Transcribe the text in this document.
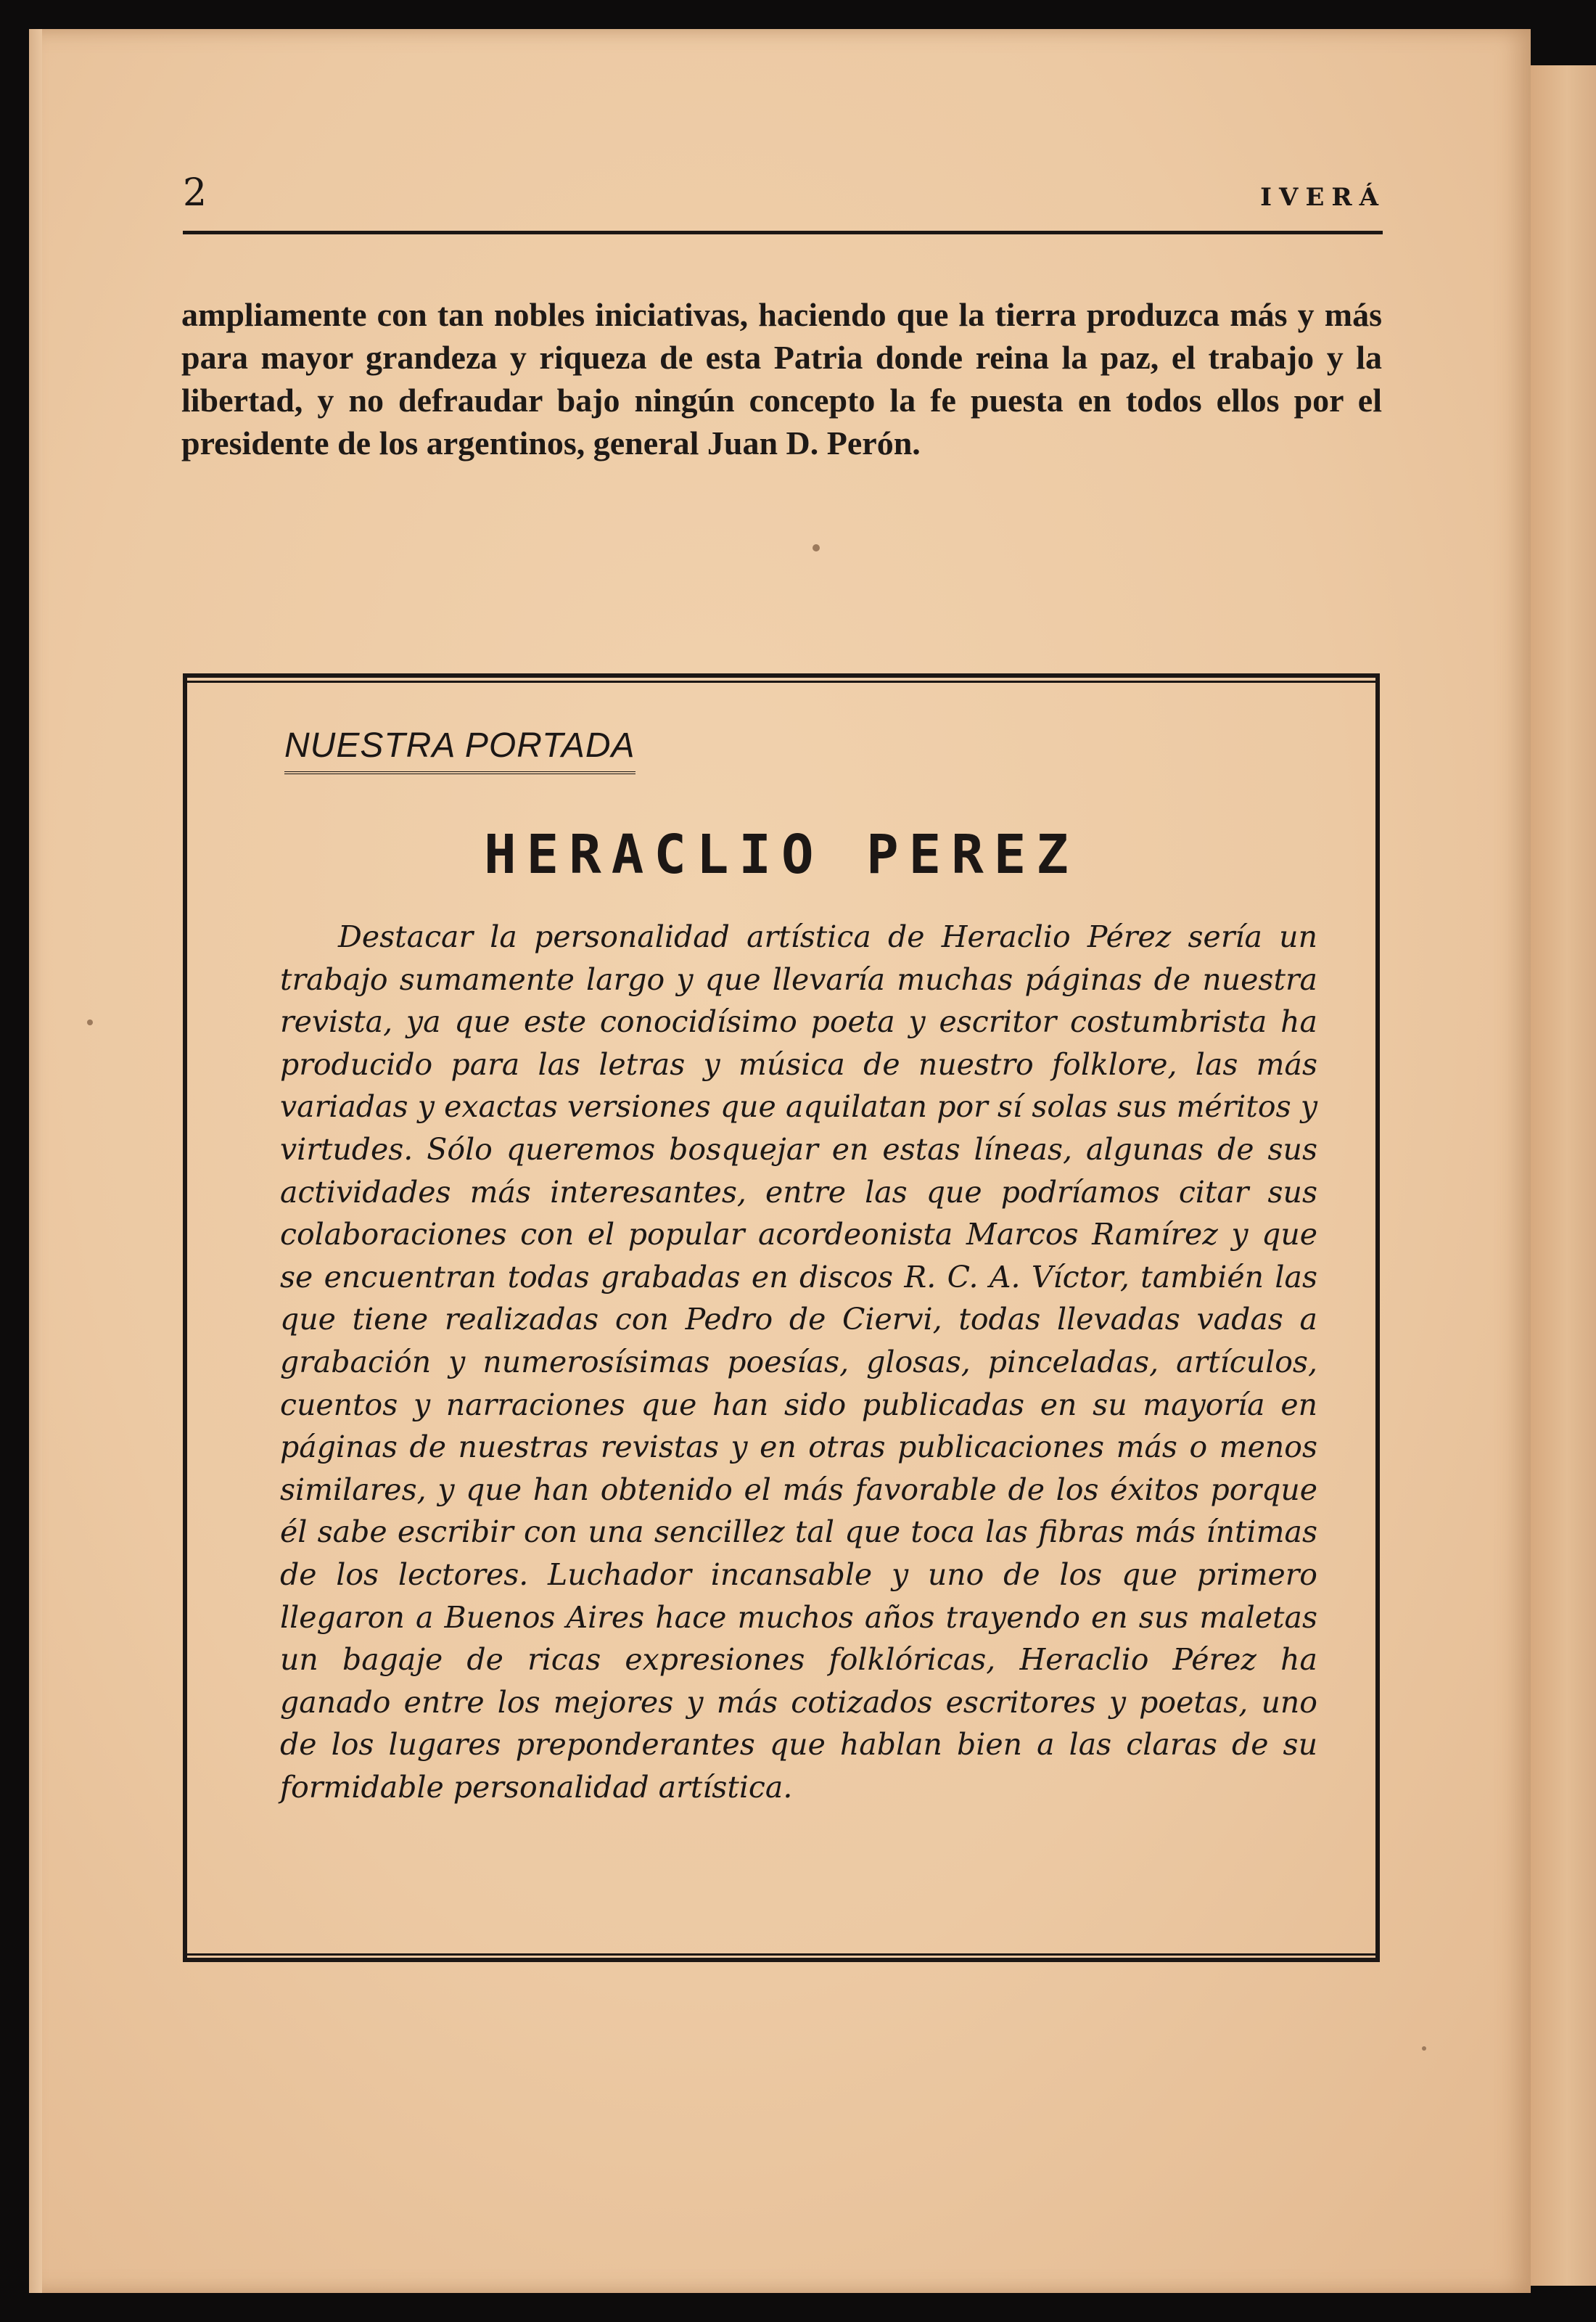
2	IVERÁ

ampliamente con tan nobles iniciativas, haciendo que la tierra produzca más y más para mayor grandeza y riqueza de esta Patria donde reina la paz, el trabajo y la libertad, y no defraudar bajo ningún concepto la fe puesta en todos ellos por el presidente de los argentinos, general Juan D. Perón.

NUESTRA PORTADA
HERACLIO PEREZ

Destacar la personalidad artística de Heraclio Pérez sería un trabajo sumamente largo y que llevaría muchas páginas de nuestra revista, ya que este conocidísimo poeta y escritor costumbrista ha producido para las letras y música de nuestro folklore, las más variadas y exactas versiones que aquilatan por sí solas sus méritos y virtudes. Sólo queremos bosquejar en estas líneas, algunas de sus actividades más interesantes, entre las que podríamos citar sus colaboraciones con el popular acordeonista Marcos Ramírez y que se encuentran todas grabadas en discos R. C. A. Víctor, también las que tiene realizadas con Pedro de Ciervi, todas llevadas vadas a grabación y numerosísimas poesías, glosas, pinceladas, artículos, cuentos y narraciones que han sido publicadas en su mayoría en páginas de nuestras revistas y en otras publicaciones más o menos similares, y que han obtenido el más favorable de los éxitos porque él sabe escribir con una sencillez tal que toca las fibras más íntimas de los lectores. Luchador incansable y uno de los que primero llegaron a Buenos Aires hace muchos años trayendo en sus maletas un bagaje de ricas expresiones folklóricas, Heraclio Pérez ha ganado entre los mejores y más cotizados escritores y poetas, uno de los lugares preponderantes que hablan bien a las claras de su formidable personalidad artística.
